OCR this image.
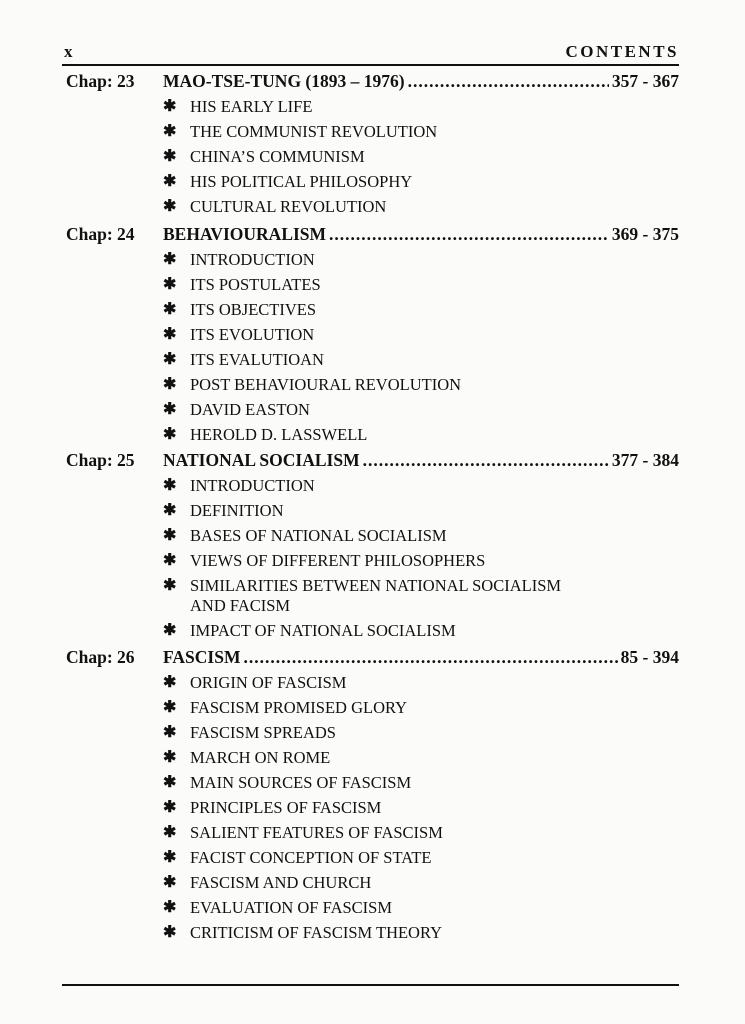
x	CONTENTS
Chap: 23 MAO-TSE-TUNG (1893 – 1976) .....	357 - 367
✱ HIS EARLY LIFE
✱ THE COMMUNIST REVOLUTION
✱ CHINA’S COMMUNISM
✱ HIS POLITICAL PHILOSOPHY
✱ CULTURAL REVOLUTION
Chap: 24 BEHAVIOURALISM .....	369 - 375
✱ INTRODUCTION
✱ ITS POSTULATES
✱ ITS OBJECTIVES
✱ ITS EVOLUTION
✱ ITS EVALUTIOAN
✱ POST BEHAVIOURAL REVOLUTION
✱ DAVID EASTON
✱ HEROLD D. LASSWELL
Chap: 25 NATIONAL SOCIALISM .....	377 - 384
✱ INTRODUCTION
✱ DEFINITION
✱ BASES OF NATIONAL SOCIALISM
✱ VIEWS OF DIFFERENT PHILOSOPHERS
✱ SIMILARITIES BETWEEN NATIONAL SOCIALISM AND FACISM
✱ IMPACT OF NATIONAL SOCIALISM
Chap: 26 FASCISM .....	85 - 394
✱ ORIGIN OF FASCISM
✱ FASCISM PROMISED GLORY
✱ FASCISM SPREADS
✱ MARCH ON ROME
✱ MAIN SOURCES OF FASCISM
✱ PRINCIPLES OF FASCISM
✱ SALIENT FEATURES OF FASCISM
✱ FACIST CONCEPTION OF STATE
✱ FASCISM AND CHURCH
✱ EVALUATION OF FASCISM
✱ CRITICISM OF FASCISM THEORY
